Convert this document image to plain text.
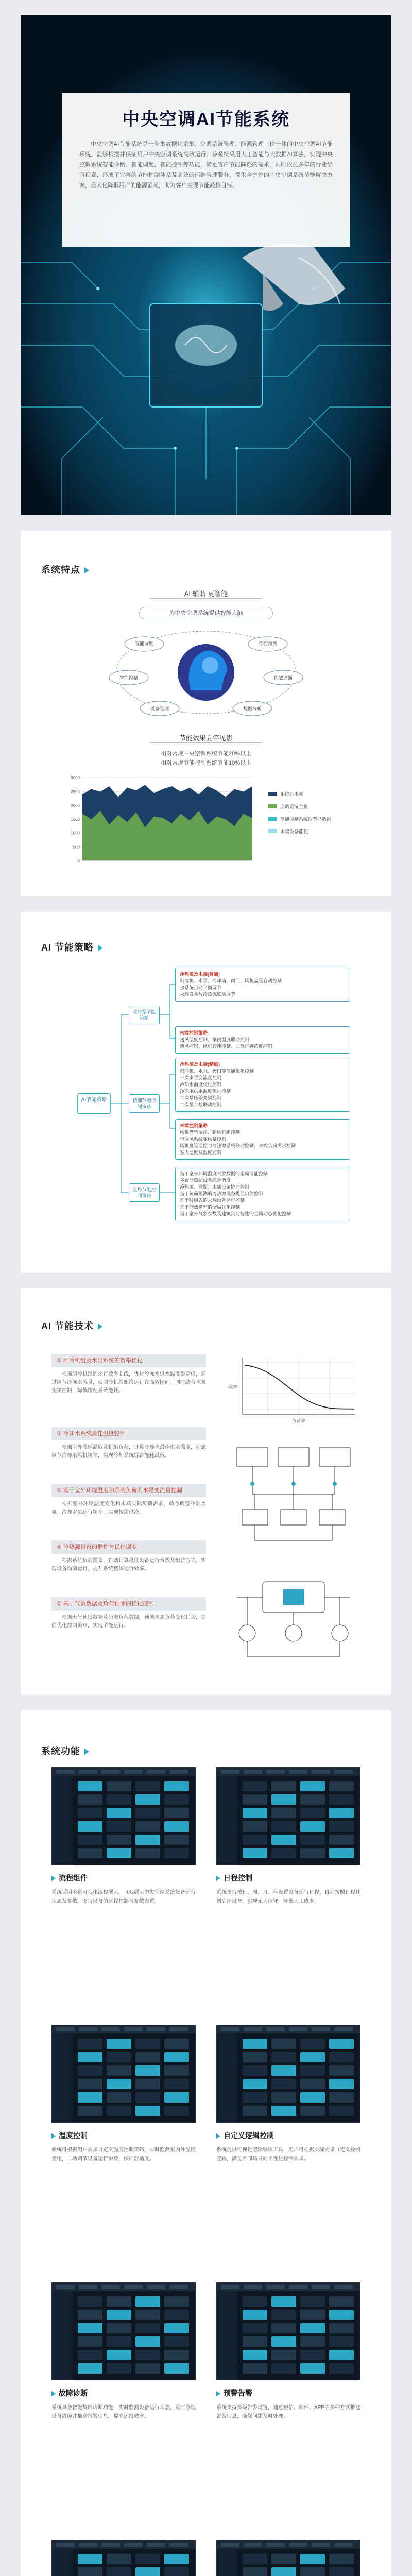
中央空调AI节能系统
中央空调AI节能系统是一套集数据化采集、空调系统管理、能源管理三位一体的中央空调AI节能系统，能够根据并保证用户中央空调系统高效运行。该系统采用人工智能与大数据AI算法，实现中央空调系统智能诊断、智能调度、智能控制等功能，满足客户节能降耗的需求，同时依托多年的行业经验积累，形成了完善的节能控制体系及高效的运维管理服务，提供全方位的中央空调系统节能解决方案，最大化降低用户的能源消耗，助力客户实现节能减排目标。
系统特点
AI 辅助 更智能
为中央空调系统提供智能大脑
智能调度	负荷预测
智能控制	能效诊断
设备管理	数据分析
节能效果立竿见影
相对常规中央空调系统节能20%以上
相对常规节能控制系统节能10%以上
0
500
1000
1500
2000
2500
3000
系统总电耗
空调系统主机
节能控制系统后节能数据
末端设备能耗
AI 节能策略
AI节能策略
暖冷型节能策略
精细节能控制策略
全局节能控制策略
冷热源及末端(普通)
制冷机、水泵、冷却塔、阀门、风机盘管自动控制
水系统自动平衡调节
末端设备与冷热源联动调节
末端控制策略
送风温度控制、室内温度联动控制
新风控制、风机转速控制、二氧化碳浓度控制
冷热源及末端(精细)
制冷机、水泵、阀门等节能优化控制
一次水泵变流量控制
冷却水温度优化控制
冷冻水供水温度优化控制
二次泵压差变频控制
二次泵台数联动控制
末端控制策略
风机盘管温控、新风机组控制
空调风系统变风量控制
风机盘管温控与冷热源系统联动控制、末端负荷需求控制
室内温度及湿度控制
基于室外环境温度气象数据的全局节能控制
多台冷热站设备综合调度
冷热源、输配、末端设备协同控制
基于负荷预测的冷热源设备提前启停控制
基于时间表的末端设备运行控制
基于能效模型的全局优化控制
基于室外气象参数及建筑负荷特性的全局动态优化控制
AI 节能技术
① 制冷机组及水泵系统的效率优化
根据制冷机组的运行效率曲线，优化冷冻水供水温度设定值，通过调节冷冻水流量，使制冷机组始终运行在高效区间；同时结合水泵变频控制，降低输配系统能耗。
② 冷却水系统最佳温度控制
根据室外湿球温度及机组负荷，计算冷却水最佳供水温度，动态调节冷却塔风机频率，实现冷却系统综合能耗最低。
③ 基于室外环境温度和系统负荷的水泵变流量控制
根据室外环境温度变化和末端实际负荷需求，动态调整冷冻水泵、冷却水泵运行频率，实现按需供冷。
④ 冷热源设备的群控与优化调度
根据系统负荷需求，自动计算最佳设备运行台数及组合方式，实现设备均衡运行，提升系统整体运行效率。
⑤ 基于气象数据及负荷预测的优化控制
根据天气预报数据及历史负荷数据，预测未来负荷变化趋势，提前优化控制策略，实现节能运行。
负荷率
效率
系统功能
流程组件
系统采用全新可视化流程展示，直观展示中央空调系统设备运行状态及参数，支持设备的远程控制与参数设置。
日程控制
系统支持按日、周、月、年设置设备运行日程，自动按照日程计划启停设备，实现无人值守，降低人工成本。
温度控制
系统可根据用户需求自定义温度控制策略，实时监测室内外温度变化，自动调节设备运行参数，保证舒适度。
自定义逻辑控制
系统提供可视化逻辑编辑工具，用户可根据实际需求自定义控制逻辑，满足不同场景的个性化控制需求。
故障诊断
系统具备智能故障诊断功能，实时监测设备运行状态，及时发现设备故障并推送报警信息，提高运维效率。
预警告警
系统支持多级告警设置，通过短信、邮件、APP等多种方式推送告警信息，确保问题及时处理。
